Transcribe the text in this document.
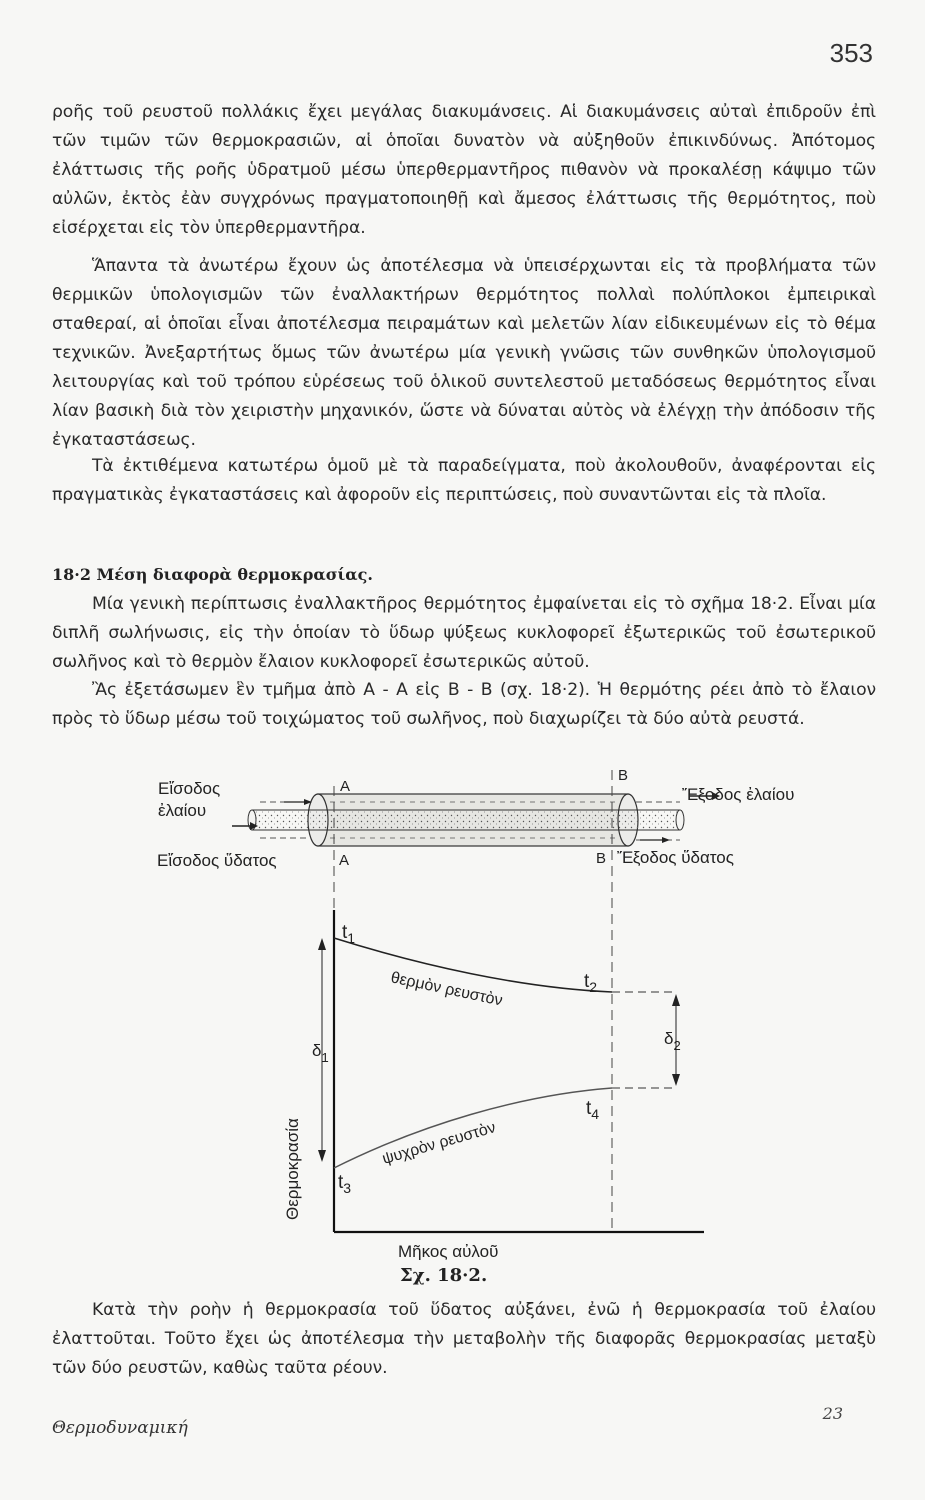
353

ροῆς τοῦ ρευστοῦ πολλάκις ἔχει μεγάλας διακυμάνσεις. Αἱ διακυμάνσεις αὐταὶ ἐπιδροῦν ἐπὶ τῶν τιμῶν τῶν θερμοκρασιῶν, αἱ ὁποῖαι δυνατὸν νὰ αὐξηθοῦν ἐπικινδύνως. Ἀπότομος ἐλάττωσις τῆς ροῆς ὑδρατμοῦ μέσω ὑπερθερμαντῆρος πιθανὸν νὰ προκαλέσῃ κάψιμο τῶν αὐλῶν, ἐκτὸς ἐὰν συγχρόνως πραγματοποιηθῇ καὶ ἄμεσος ἐλάττωσις τῆς θερμότητος, ποὺ εἰσέρχεται εἰς τὸν ὑπερθερμαντῆρα.

Ἅπαντα τὰ ἀνωτέρω ἔχουν ὡς ἀποτέλεσμα νὰ ὑπεισέρχωνται εἰς τὰ προβλήματα τῶν θερμικῶν ὑπολογισμῶν τῶν ἐναλλακτήρων θερμότητος πολλαὶ πολύπλοκοι ἐμπειρικαὶ σταθεραί, αἱ ὁποῖαι εἶναι ἀποτέλεσμα πειραμάτων καὶ μελετῶν λίαν εἰδικευμένων εἰς τὸ θέμα τεχνικῶν. Ἀνεξαρτήτως ὅμως τῶν ἀνωτέρω μία γενικὴ γνῶσις τῶν συνθηκῶν ὑπολογισμοῦ λειτουργίας καὶ τοῦ τρόπου εὑρέσεως τοῦ ὁλικοῦ συντελεστοῦ μεταδόσεως θερμότητος εἶναι λίαν βασικὴ διὰ τὸν χειριστὴν μηχανικόν, ὥστε νὰ δύναται αὐτὸς νὰ ἐλέγχῃ τὴν ἀπόδοσιν τῆς ἐγκαταστάσεως.

Τὰ ἐκτιθέμενα κατωτέρω ὁμοῦ μὲ τὰ παραδείγματα, ποὺ ἀκολουθοῦν, ἀναφέρονται εἰς πραγματικὰς ἐγκαταστάσεις καὶ ἀφοροῦν εἰς περιπτώσεις, ποὺ συναντῶνται εἰς τὰ πλοῖα.

18·2 Μέση διαφορὰ θερμοκρασίας.

Μία γενικὴ περίπτωσις ἐναλλακτῆρος θερμότητος ἐμφαίνεται εἰς τὸ σχῆμα 18·2. Εἶναι μία διπλῆ σωλήνωσις, εἰς τὴν ὁποίαν τὸ ὕδωρ ψύξεως κυκλοφορεῖ ἐξωτερικῶς τοῦ ἐσωτερικοῦ σωλῆνος καὶ τὸ θερμὸν ἔλαιον κυκλοφορεῖ ἐσωτερικῶς αὐτοῦ.

Ἂς ἐξετάσωμεν ἓν τμῆμα ἀπὸ Α - Α εἰς Β - Β (σχ. 18·2). Ἡ θερμότης ρέει ἀπὸ τὸ ἔλαιον πρὸς τὸ ὕδωρ μέσω τοῦ τοιχώματος τοῦ σωλῆνος, ποὺ διαχωρίζει τὰ δύο αὐτὰ ρευστά.

Εἴσοδος
ἐλαίου
Εἴσοδος ὕδατος
Ἔξοδος ἐλαίου
Ἔξοδος ὕδατος
A
A
B
B
$\delta_1$
$\delta_2$
$t_1$
$t_2$
$t_3$
$t_4$
θερμὸν ρευστὸν
ψυχρὸν ρευστὸν
Θερμοκρασία
Μῆκος αὐλοῦ
Σχ. 18·2.

Κατὰ τὴν ροὴν ἡ θερμοκρασία τοῦ ὕδατος αὐξάνει, ἐνῶ ἡ θερμοκρασία τοῦ ἐλαίου ἐλαττοῦται. Τοῦτο ἔχει ὡς ἀποτέλεσμα τὴν μεταβολὴν τῆς διαφορᾶς θερμοκρασίας μεταξὺ τῶν δύο ρευστῶν, καθὼς ταῦτα ρέουν.

Θερμοδυναμική
23
